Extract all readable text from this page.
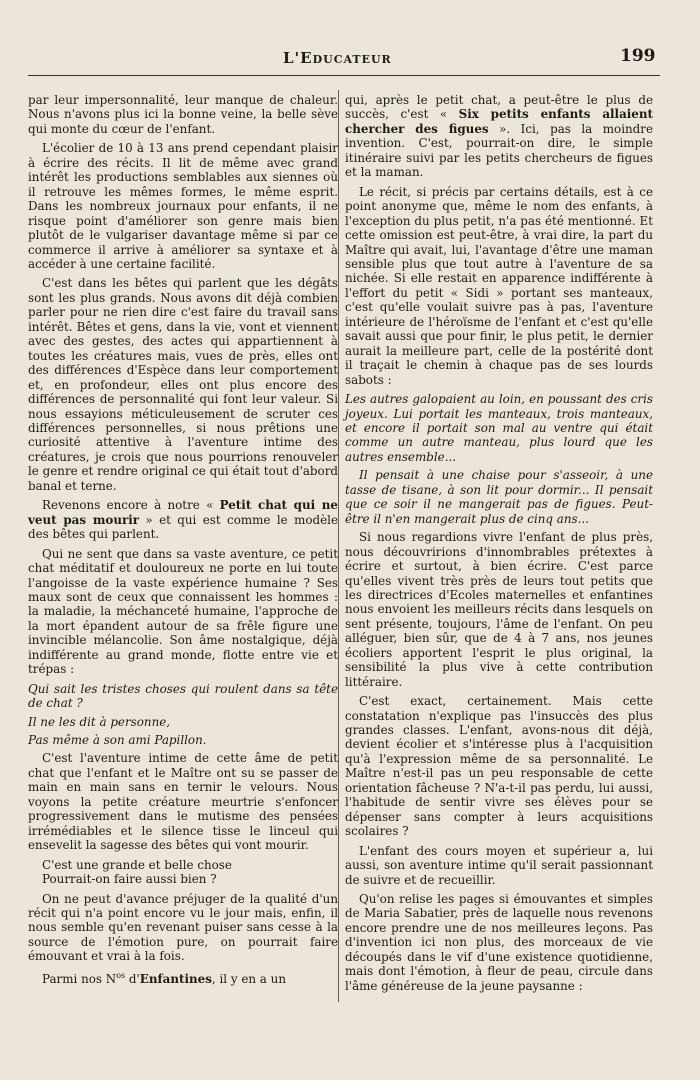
L'Educateur	199

par leur impersonnalité, leur manque de chaleur. Nous n'avons plus ici la bonne veine, la belle sève qui monte du cœur de l'enfant.

L'écolier de 10 à 13 ans prend cependant plaisir à écrire des récits. Il lit de même avec grand intérêt les productions semblables aux siennes où il retrouve les mêmes formes, le même esprit. Dans les nombreux journaux pour enfants, il ne risque point d'améliorer son genre mais bien plutôt de le vulgariser davantage même si par ce commerce il arrive à améliorer sa syntaxe et à accéder à une certaine facilité.

C'est dans les bêtes qui parlent que les dégâts sont les plus grands. Nous avons dit déjà combien parler pour ne rien dire c'est faire du travail sans intérêt. Bêtes et gens, dans la vie, vont et viennent avec des gestes, des actes qui appartiennent à toutes les créatures mais, vues de près, elles ont des différences d'Espèce dans leur comportement et, en profondeur, elles ont plus encore des différences de personnalité qui font leur valeur. Si nous essayions méticuleusement de scruter ces différences personnelles, si nous prêtions une curiosité attentive à l'aventure intime des créatures, je crois que nous pourrions renouveler le genre et rendre original ce qui était tout d'abord banal et terne.

Revenons encore à notre « Petit chat qui ne veut pas mourir » et qui est comme le modèle des bêtes qui parlent.

Qui ne sent que dans sa vaste aventure, ce petit chat méditatif et douloureux ne porte en lui toute l'angoisse de la vaste expérience humaine ? Ses maux sont de ceux que connaissent les hommes : la maladie, la méchanceté humaine, l'approche de la mort épandent autour de sa frêle figure une invincible mélancolie. Son âme nostalgique, déjà indifférente au grand monde, flotte entre vie et trépas :

Qui sait les tristes choses qui roulent dans sa tête de chat ?

Il ne les dit à personne,

Pas même à son ami Papillon.

C'est l'aventure intime de cette âme de petit chat que l'enfant et le Maître ont su se passer de main en main sans en ternir le velours. Nous voyons la petite créature meurtrie s'enfoncer progressivement dans le mutisme des pensées irrémédiables et le silence tisse le linceul qui ensevelit la sagesse des bêtes qui vont mourir.

C'est une grande et belle chose

Pourrait-on faire aussi bien ?

On ne peut d'avance préjuger de la qualité d'un récit qui n'a point encore vu le jour mais, enfin, il nous semble qu'en revenant puiser sans cesse à la source de l'émotion pure, on pourrait faire émouvant et vrai à la fois.

Parmi nos $N^{os}$ d'Enfantines, il y en a un

qui, après le petit chat, a peut-être le plus de succès, c'est « Six petits enfants allaient chercher des figues ». Ici, pas la moindre invention. C'est, pourrait-on dire, le simple itinéraire suivi par les petits chercheurs de figues et la maman.

Le récit, si précis par certains détails, est à ce point anonyme que, même le nom des enfants, à l'exception du plus petit, n'a pas été mentionné. Et cette omission est peut-être, à vrai dire, la part du Maître qui avait, lui, l'avantage d'être une maman sensible plus que tout autre à l'aventure de sa nichée. Si elle restait en apparence indifférente à l'effort du petit « Sidi » portant ses manteaux, c'est qu'elle voulait suivre pas à pas, l'aventure intérieure de l'héroïsme de l'enfant et c'est qu'elle savait aussi que pour finir, le plus petit, le dernier aurait la meilleure part, celle de la postérité dont il traçait le chemin à chaque pas de ses lourds sabots :

Les autres galopaient au loin, en poussant des cris joyeux. Lui portait les manteaux, trois manteaux, et encore il portait son mal au ventre qui était comme un autre manteau, plus lourd que les autres ensemble...

Il pensait à une chaise pour s'asseoir, à une tasse de tisane, à son lit pour dormir... Il pensait que ce soir il ne mangerait pas de figues. Peut-être il n'en mangerait plus de cinq ans...

Si nous regardions vivre l'enfant de plus près, nous découvririons d'innombrables prétextes à écrire et surtout, à bien écrire. C'est parce qu'elles vivent très près de leurs tout petits que les directrices d'Ecoles maternelles et enfantines nous envoient les meilleurs récits dans lesquels on sent présente, toujours, l'âme de l'enfant. On peu alléguer, bien sûr, que de 4 à 7 ans, nos jeunes écoliers apportent l'esprit le plus original, la sensibilité la plus vive à cette contribution littéraire.

C'est exact, certainement. Mais cette constatation n'explique pas l'insuccès des plus grandes classes. L'enfant, avons-nous dit déjà, devient écolier et s'intéresse plus à l'acquisition qu'à l'expression même de sa personnalité. Le Maître n'est-il pas un peu responsable de cette orientation fâcheuse ? N'a-t-il pas perdu, lui aussi, l'habitude de sentir vivre ses élèves pour se dépenser sans compter à leurs acquisitions scolaires ?

L'enfant des cours moyen et supérieur a, lui aussi, son aventure intime qu'il serait passionnant de suivre et de recueillir.

Qu'on relise les pages si émouvantes et simples de Maria Sabatier, près de laquelle nous revenons encore prendre une de nos meilleures leçons. Pas d'invention ici non plus, des morceaux de vie découpés dans le vif d'une existence quotidienne, mais dont l'émotion, à fleur de peau, circule dans l'âme généreuse de la jeune paysanne :
